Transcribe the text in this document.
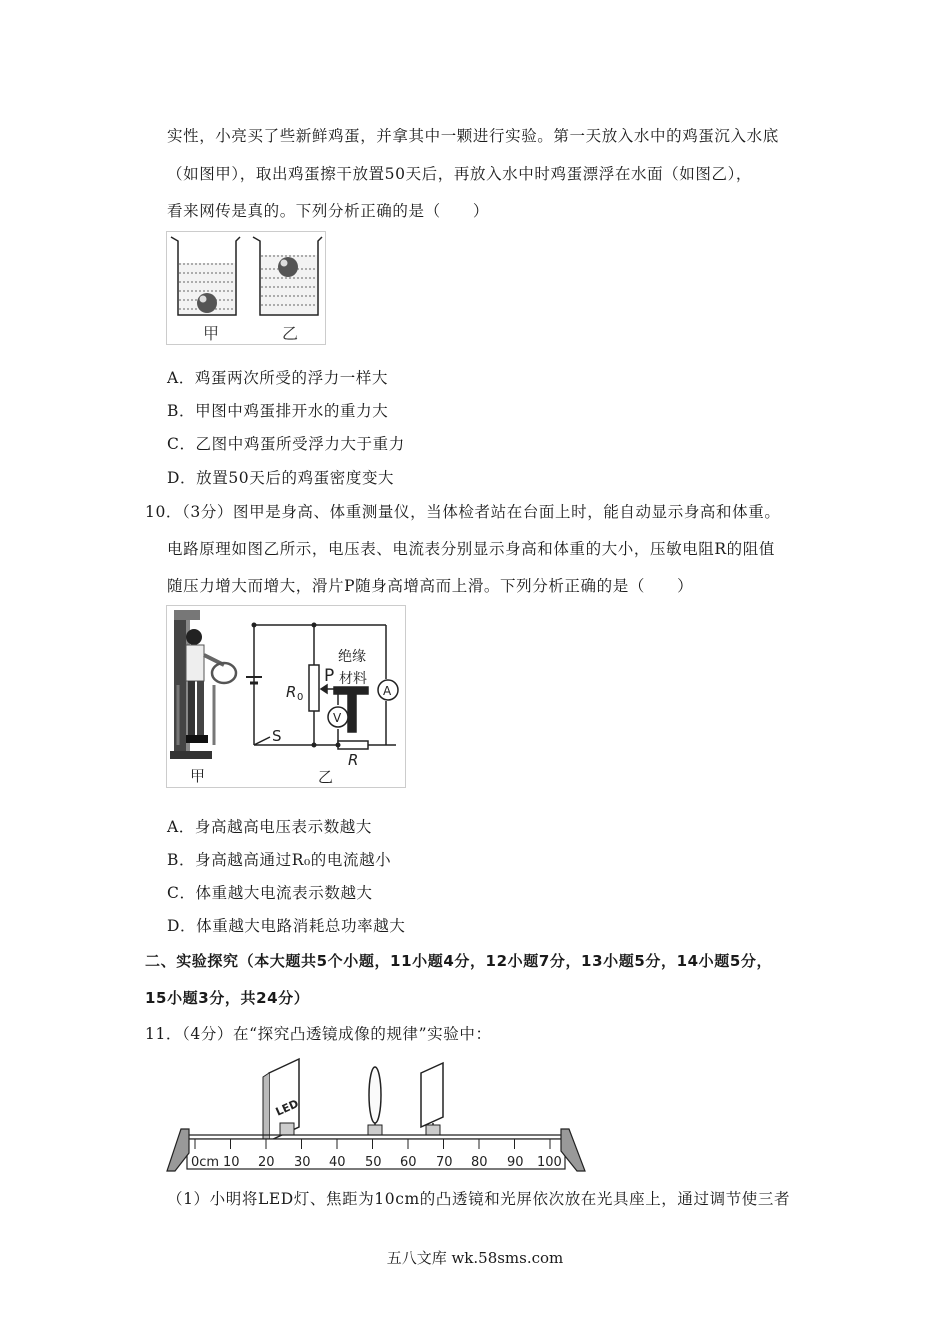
实性，小亮买了些新鲜鸡蛋，并拿其中一颗进行实验。第一天放入水中的鸡蛋沉入水底
（如图甲），取出鸡蛋擦干放置50天后，再放入水中时鸡蛋漂浮在水面（如图乙），
看来网传是真的。下列分析正确的是（　　）
甲	乙
A．鸡蛋两次所受的浮力一样大
B．甲图中鸡蛋排开水的重力大
C．乙图中鸡蛋所受浮力大于重力
D．放置50天后的鸡蛋密度变大
10．（3分）图甲是身高、体重测量仪，当体检者站在台面上时，能自动显示身高和体重。
电路原理如图乙所示，电压表、电流表分别显示身高和体重的大小，压敏电阻R的阻值
随压力增大而增大，滑片P随身高增高而上滑。下列分析正确的是（　　）
绝缘
P 材料
R 0	A
V
S
R
甲	乙
A．身高越高电压表示数越大
B．身高越高通过R₀的电流越小
C．体重越大电流表示数越大
D．体重越大电路消耗总功率越大
二、实验探究（本大题共5个小题，11小题4分，12小题7分，13小题5分，14小题5分，
15小题3分，共24分）
11．（4分）在“探究凸透镜成像的规律”实验中：
LED
0cm 10 20 30 40 50 60 70 80 90 100
（1）小明将LED灯、焦距为10cm的凸透镜和光屏依次放在光具座上，通过调节使三者
五八文库 wk.58sms.com
